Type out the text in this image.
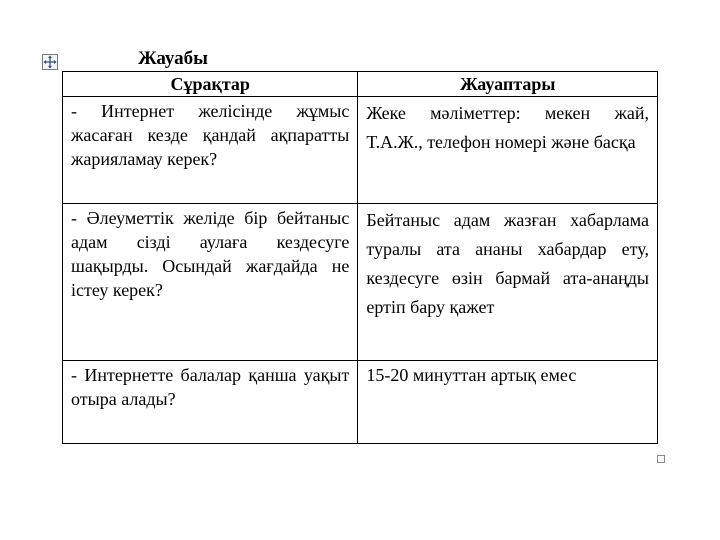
Жауабы
Сұрақтар	Жауаптары
- Интернет желісінде жұмыс жасаған кезде қандай ақпаратты жарияламау керек?	Жеке мәліметтер: мекен жай, Т.А.Ж., телефон номері және басқа
- Әлеуметтік желіде бір бейтаныс адам сізді аулаға кездесуге шақырды. Осындай жағдайда не істеу керек?	Бейтаныс адам жазған хабарлама туралы ата ананы хабардар ету, кездесуге өзін бармай ата-анаңды ертіп бару қажет
- Интернетте балалар қанша уақыт отыра алады?	15-20 минуттан артық емес
